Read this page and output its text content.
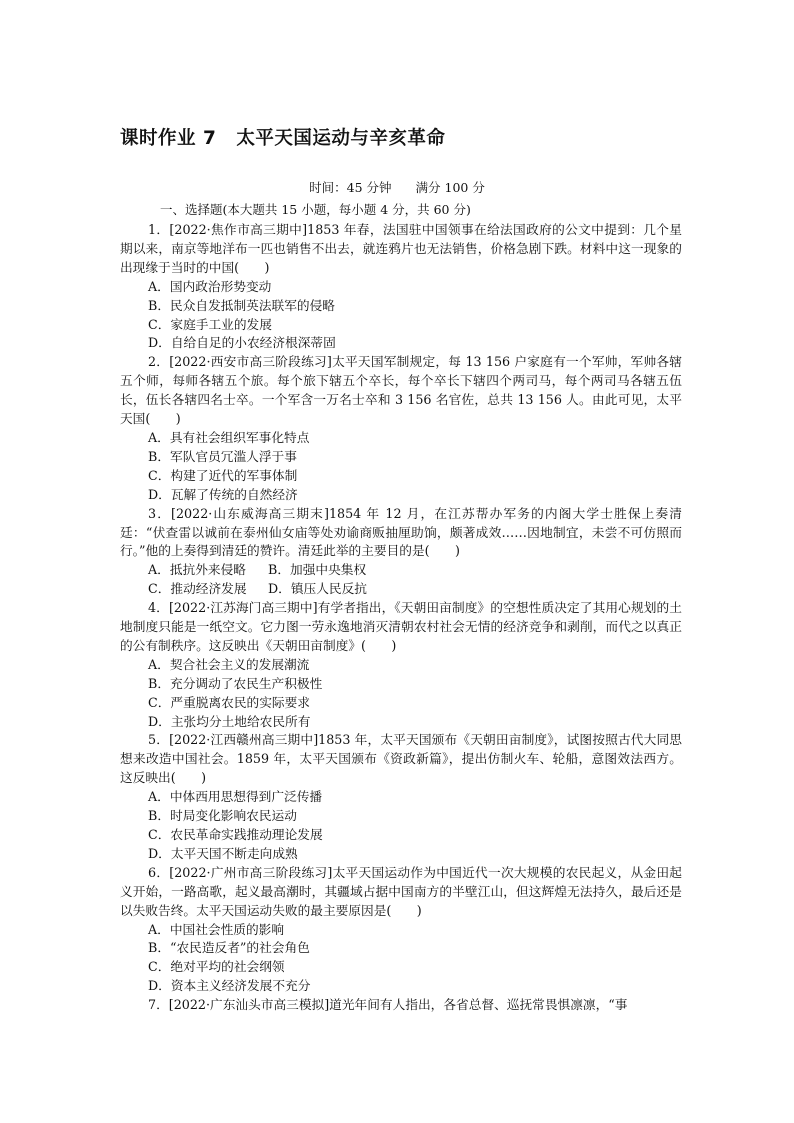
课时作业 7 太平天国运动与辛亥革命
时间：45 分钟 满分 100 分
一、选择题(本大题共 15 小题，每小题 4 分，共 60 分)

1．[2022·焦作市高三期中]1853 年春，法国驻中国领事在给法国政府的公文中提到：几个星期以来，南京等地洋布一匹也销售不出去，就连鸦片也无法销售，价格急剧下跌。材料中这一现象的出现缘于当时的中国(　　)

A．国内政治形势变动

B．民众自发抵制英法联军的侵略

C．家庭手工业的发展

D．自给自足的小农经济根深蒂固

2．[2022·西安市高三阶段练习]太平天国军制规定，每 13 156 户家庭有一个军帅，军帅各辖五个师，每师各辖五个旅。每个旅下辖五个卒长，每个卒长下辖四个两司马，每个两司马各辖五伍长，伍长各辖四名士卒。一个军含一万名士卒和 3 156 名官佐，总共 13 156 人。由此可见，太平天国(　　)

A．具有社会组织军事化特点

B．军队官员冗滥人浮于事

C．构建了近代的军事体制

D．瓦解了传统的自然经济

3．[2022·山东威海高三期末]1854 年 12 月，在江苏帮办军务的内阁大学士胜保上奏清廷：“伏查雷以诚前在泰州仙女庙等处劝谕商贩抽厘助饷，颇著成效……因地制宜，未尝不可仿照而行。”他的上奏得到清廷的赞许。清廷此举的主要目的是(　　)

A．抵抗外来侵略 B．加强中央集权

C．推动经济发展 D．镇压人民反抗

4．[2022·江苏海门高三期中]有学者指出，《天朝田亩制度》的空想性质决定了其用心规划的土地制度只能是一纸空文。它力图一劳永逸地消灭清朝农村社会无情的经济竞争和剥削，而代之以真正的公有制秩序。这反映出《天朝田亩制度》(　　)

A．契合社会主义的发展潮流

B．充分调动了农民生产积极性

C．严重脱离农民的实际要求

D．主张均分土地给农民所有

5．[2022·江西赣州高三期中]1853 年，太平天国颁布《天朝田亩制度》，试图按照古代大同思想来改造中国社会。1859 年，太平天国颁布《资政新篇》，提出仿制火车、轮船，意图效法西方。这反映出(　　)

A．中体西用思想得到广泛传播

B．时局变化影响农民运动

C．农民革命实践推动理论发展

D．太平天国不断走向成熟

6．[2022·广州市高三阶段练习]太平天国运动作为中国近代一次大规模的农民起义，从金田起义开始，一路高歌，起义最高潮时，其疆域占据中国南方的半壁江山，但这辉煌无法持久，最后还是以失败告终。太平天国运动失败的最主要原因是(　　)

A．中国社会性质的影响

B．“农民造反者”的社会角色

C．绝对平均的社会纲领

D．资本主义经济发展不充分

7．[2022·广东汕头市高三模拟]道光年间有人指出，各省总督、巡抚常畏惧凛凛，“事
